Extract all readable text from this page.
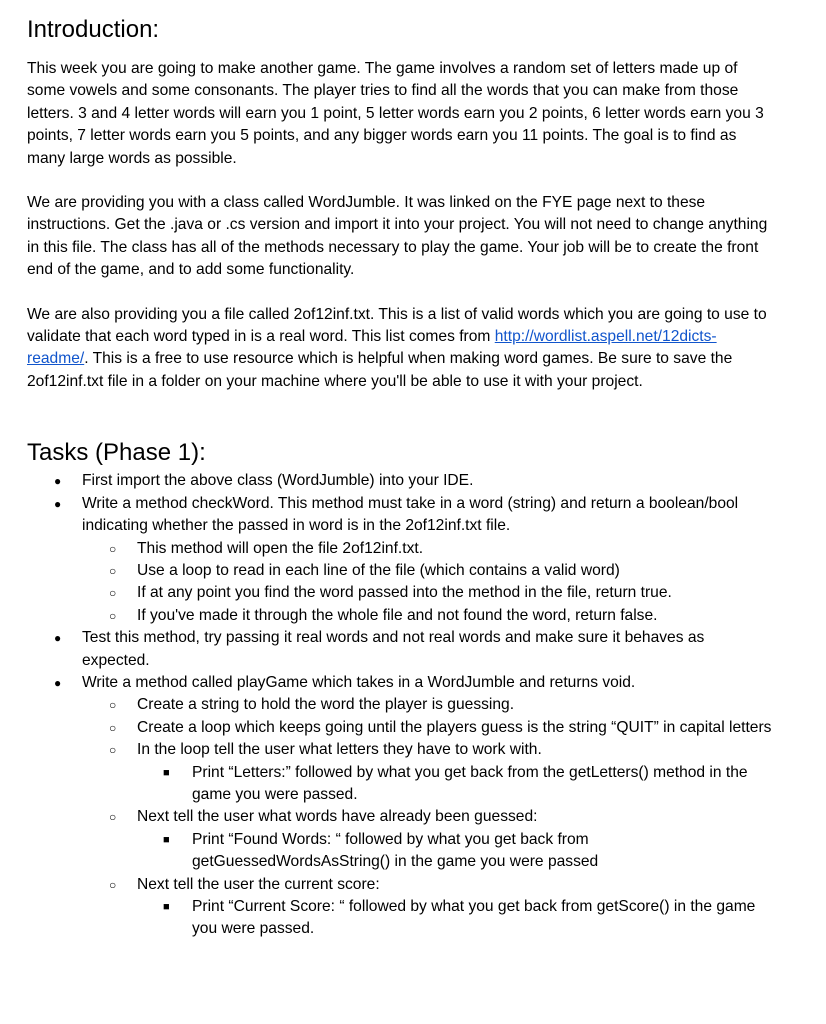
Introduction:

This week you are going to make another game. The game involves a random set of letters made up of some vowels and some consonants. The player tries to find all the words that you can make from those letters. 3 and 4 letter words will earn you 1 point, 5 letter words earn you 2 points, 6 letter words earn you 3 points, 7 letter words earn you 5 points, and any bigger words earn you 11 points. The goal is to find as many large words as possible.

We are providing you with a class called WordJumble. It was linked on the FYE page next to these instructions. Get the .java or .cs version and import it into your project. You will not need to change anything in this file. The class has all of the methods necessary to play the game. Your job will be to create the front end of the game, and to add some functionality.

We are also providing you a file called 2of12inf.txt. This is a list of valid words which you are going to use to validate that each word typed in is a real word. This list comes from http://wordlist.aspell.net/12dicts-readme/. This is a free to use resource which is helpful when making word games. Be sure to save the 2of12inf.txt file in a folder on your machine where you'll be able to use it with your project.

Tasks (Phase 1):
● First import the above class (WordJumble) into your IDE.
● Write a method checkWord. This method must take in a word (string) and return a boolean/bool indicating whether the passed in word is in the 2of12inf.txt file.
○ This method will open the file 2of12inf.txt.
○ Use a loop to read in each line of the file (which contains a valid word)
○ If at any point you find the word passed into the method in the file, return true.
○ If you've made it through the whole file and not found the word, return false.
● Test this method, try passing it real words and not real words and make sure it behaves as expected.
● Write a method called playGame which takes in a WordJumble and returns void.
○ Create a string to hold the word the player is guessing.
○ Create a loop which keeps going until the players guess is the string “QUIT” in capital letters
○ In the loop tell the user what letters they have to work with.
■ Print “Letters:” followed by what you get back from the getLetters() method in the game you were passed.
○ Next tell the user what words have already been guessed:
■ Print “Found Words: “ followed by what you get back from getGuessedWordsAsString() in the game you were passed
○ Next tell the user the current score:
■ Print “Current Score: “ followed by what you get back from getScore() in the game you were passed.
